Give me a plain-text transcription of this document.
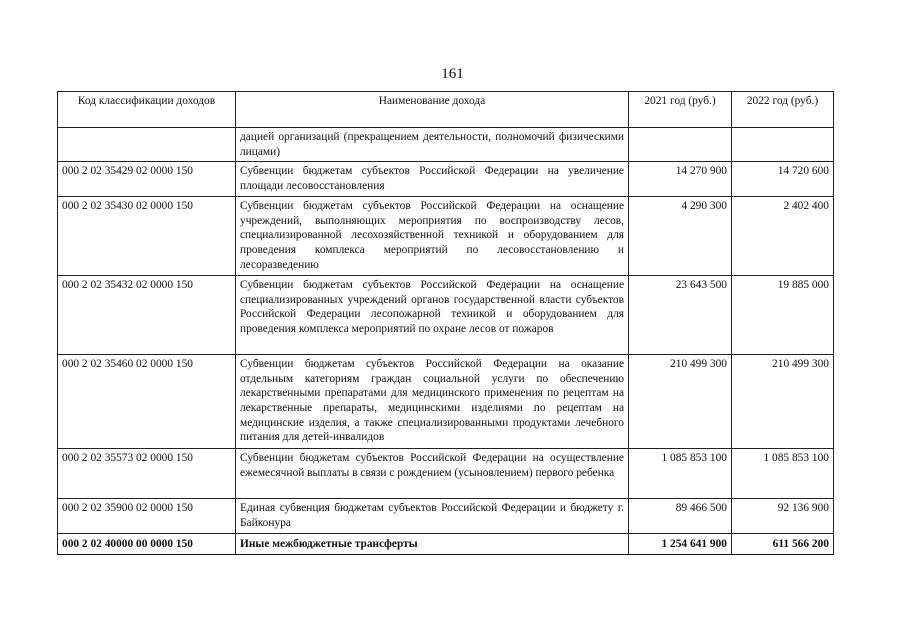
161
Код классификации доходов	Наименование дохода	2021 год (руб.)	2022 год (руб.)
	дацией организаций (прекращением деятельности, полномочий физическими лицами)		
000 2 02 35429 02 0000 150	Субвенции бюджетам субъектов Российской Федерации на увеличение площади лесовосстановления	14 270 900	14 720 600
000 2 02 35430 02 0000 150	Субвенции бюджетам субъектов Российской Федерации на оснащение учреждений, выполняющих мероприятия по воспроизводству лесов, специализированной лесохозяйственной техникой и оборудованием для проведения комплекса мероприятий по лесовосстановлению и лесоразведению	4 290 300	2 402 400
000 2 02 35432 02 0000 150	Субвенции бюджетам субъектов Российской Федерации на оснащение специализированных учреждений органов государственной власти субъектов Российской Федерации лесопожарной техникой и оборудованием для проведения комплекса мероприятий по охране лесов от пожаров	23 643 500	19 885 000
000 2 02 35460 02 0000 150	Субвенции бюджетам субъектов Российской Федерации на оказание отдельным категориям граждан социальной услуги по обеспечению лекарственными препаратами для медицинского применения по рецептам на лекарственные препараты, медицинскими изделиями по рецептам на медицинские изделия, а также специализированными продуктами лечебного питания для детей-инвалидов	210 499 300	210 499 300
000 2 02 35573 02 0000 150	Субвенции бюджетам субъектов Российской Федерации на осуществление ежемесячной выплаты в связи с рождением (усыновлением) первого ребенка	1 085 853 100	1 085 853 100
000 2 02 35900 02 0000 150	Единая субвенция бюджетам субъектов Российской Федерации и бюджету г. Байконура	89 466 500	92 136 900
000 2 02 40000 00 0000 150	Иные межбюджетные трансферты	1 254 641 900	611 566 200
